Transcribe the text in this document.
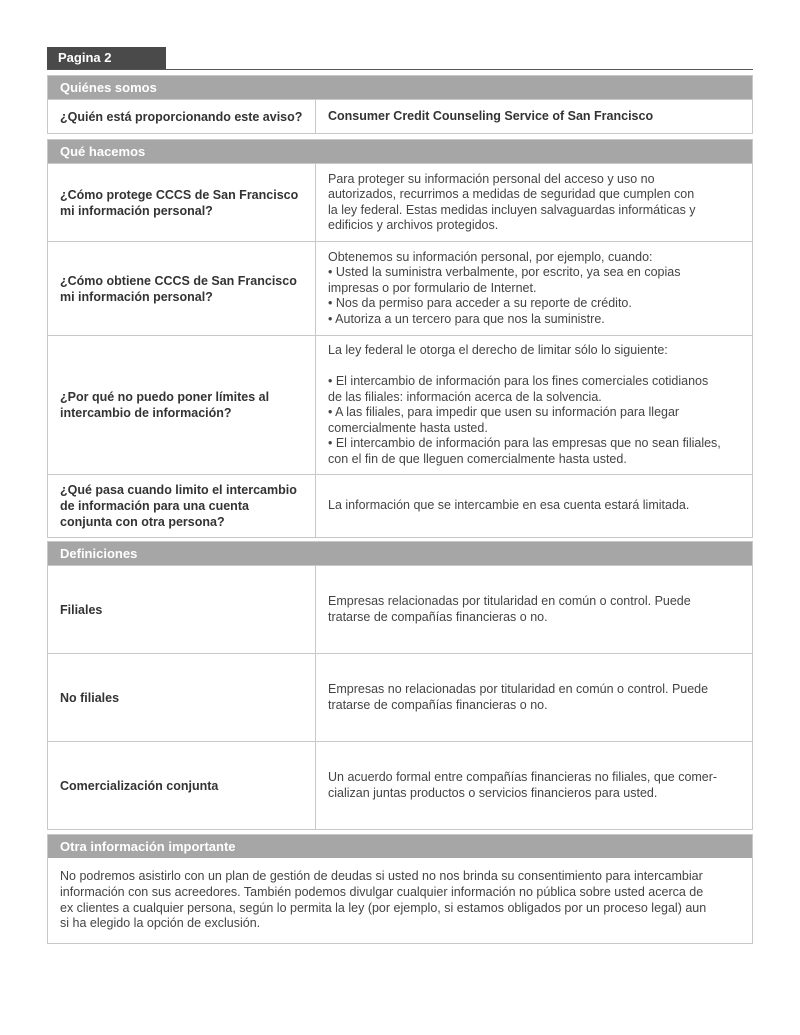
Pagina 2
Quiénes somos
¿Quién está proporcionando este aviso?	Consumer Credit Counseling Service of San Francisco
Qué hacemos
¿Cómo protege CCCS de San Francisco mi información personal?
Para proteger su información personal del acceso y uso no
autorizados, recurrimos a medidas de seguridad que cumplen con
la ley federal. Estas medidas incluyen salvaguardas informáticas y
edificios y archivos protegidos.
¿Cómo obtiene CCCS de San Francisco mi información personal?
Obtenemos su información personal, por ejemplo, cuando:
• Usted la suministra verbalmente, por escrito, ya sea en copias
impresas o por formulario de Internet.
• Nos da permiso para acceder a su reporte de crédito.
• Autoriza a un tercero para que nos la suministre.
¿Por qué no puedo poner límites al intercambio de información?
La ley federal le otorga el derecho de limitar sólo lo siguiente:
• El intercambio de información para los fines comerciales cotidianos
de las filiales: información acerca de la solvencia.
• A las filiales, para impedir que usen su información para llegar
comercialmente hasta usted.
• El intercambio de información para las empresas que no sean filiales,
con el fin de que lleguen comercialmente hasta usted.
¿Qué pasa cuando limito el intercambio de información para una cuenta conjunta con otra persona?
La información que se intercambie en esa cuenta estará limitada.
Definiciones
Filiales
Empresas relacionadas por titularidad en común o control. Puede
tratarse de compañías financieras o no.
No filiales
Empresas no relacionadas por titularidad en común o control. Puede
tratarse de compañías financieras o no.
Comercialización conjunta
Un acuerdo formal entre compañías financieras no filiales, que comer-
cializan juntas productos o servicios financieros para usted.
Otra información importante
No podremos asistirlo con un plan de gestión de deudas si usted no nos brinda su consentimiento para intercambiar
información con sus acreedores. También podemos divulgar cualquier información no pública sobre usted acerca de
ex clientes a cualquier persona, según lo permita la ley (por ejemplo, si estamos obligados por un proceso legal) aun
si ha elegido la opción de exclusión.
